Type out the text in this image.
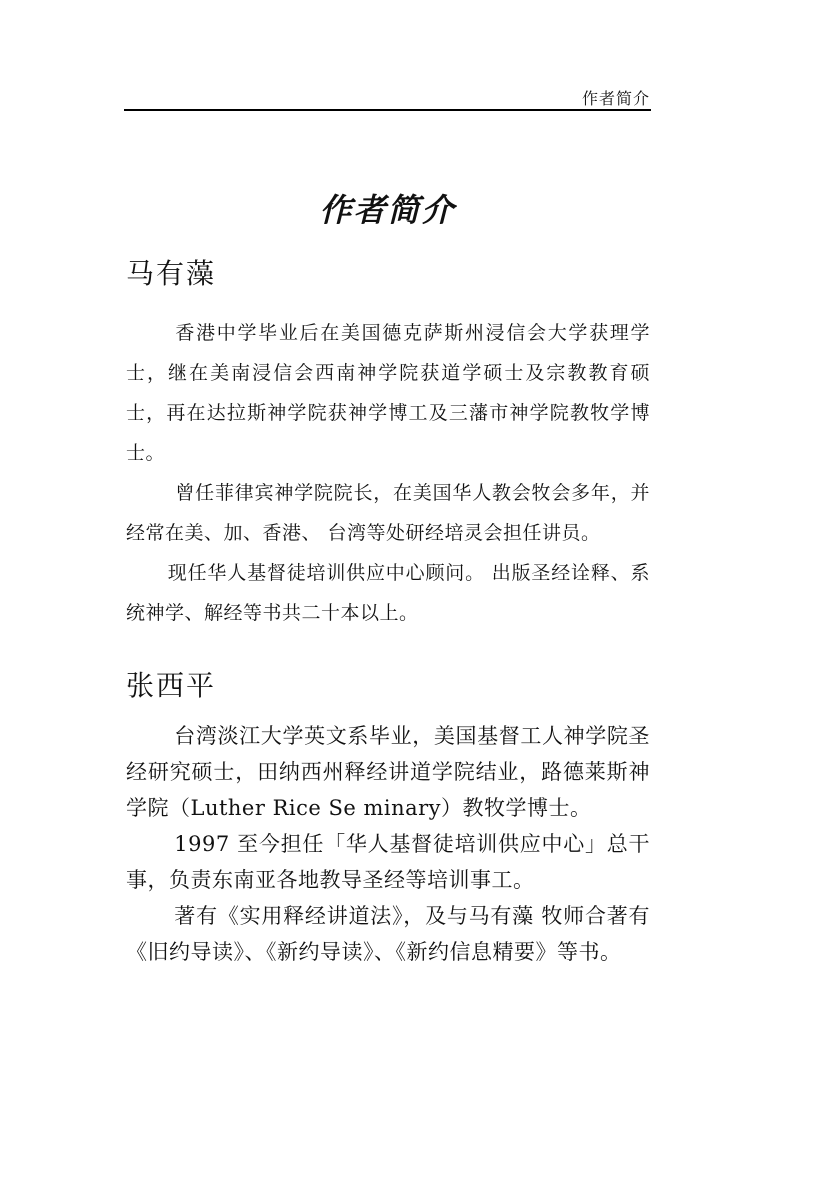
作者简介
作者简介
马有藻

香港中学毕业后在美国德克萨斯州浸信会大学获理学士，继在美南浸信会西南神学院获道学硕士及宗教教育硕士，再在达拉斯神学院获神学博工及三藩市神学院教牧学博士。

曾任菲律宾神学院院长，在美国华人教会牧会多年，并经常在美、加、香港、 台湾等处研经培灵会担任讲员。

现任华人基督徒培训供应中心顾问。 出版圣经诠释、系统神学、解经等书共二十本以上。

张西平

台湾淡江大学英文系毕业，美国基督工人神学院圣经研究硕士，田纳西州释经讲道学院结业，路德莱斯神学院（Luther Rice Se minary）教牧学博士。

1997 至今担任「华人基督徒培训供应中心」总干事，负责东南亚各地教导圣经等培训事工。

著有《实用释经讲道法》，及与马有藻 牧师合著有《旧约导读》、《新约导读》、《新约信息精要》等书。
